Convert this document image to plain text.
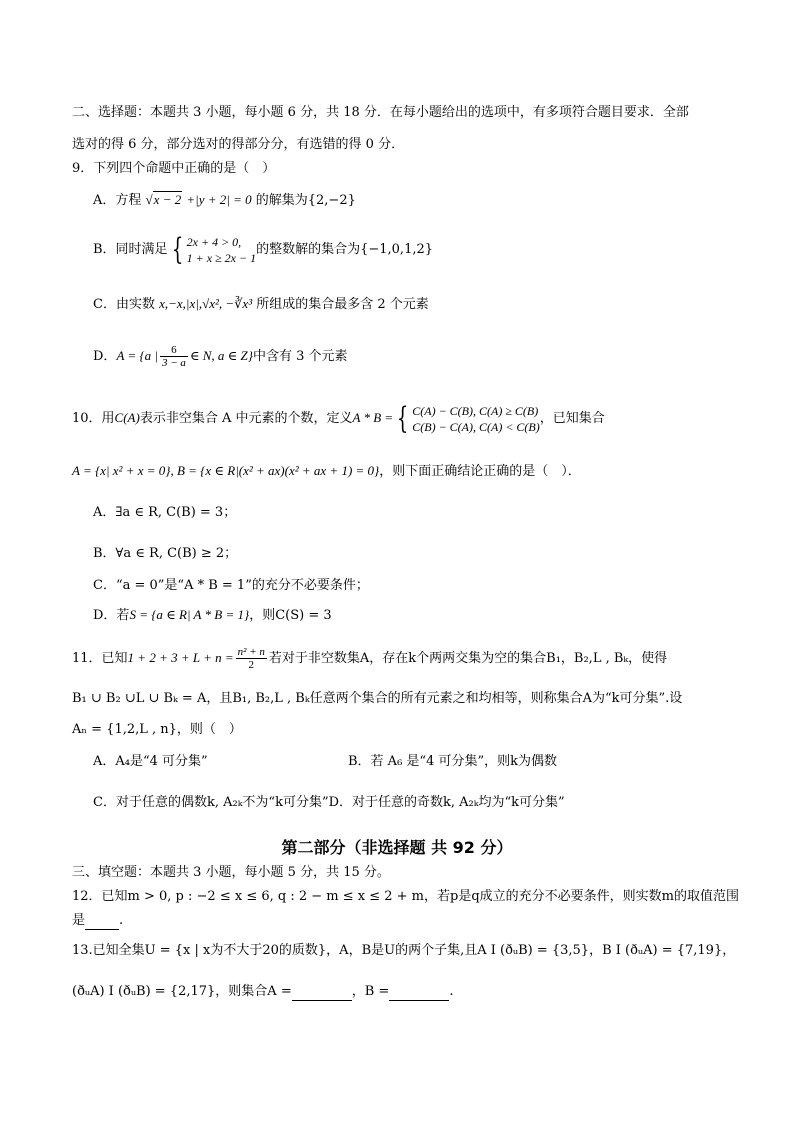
二、选择题：本题共 3 小题，每小题 6 分，共 18 分．在每小题给出的选项中，有多项符合题目要求．全部
选对的得 6 分，部分选对的得部分分，有选错的得 0 分．
9．下列四个命题中正确的是（　）
A．方程 √x − 2 +|y + 2| = 0 的解集为{2,−2}
B．同时满足 { 2x + 4 > 0,
1 + x ≥ 2x − 1
的整数解的集合为{−1,0,1,2}
C．由实数 x,−x,|x|,√x², −∛x³ 所组成的集合最多含 2 个元素
D．A = {a | $\frac{6}{3 - a}$ ∈ N, a ∈ Z}中含有 3 个元素
10．用C(A)表示非空集合 A 中元素的个数，定义A * B = { C(A) − C(B), C(A) ≥ C(B)
C(B) − C(A), C(A) < C(B)
，已知集合
A = {x| x² + x = 0}, B = {x ∈ R|(x² + ax)(x² + ax + 1) = 0}，则下面正确结论正确的是（　）．
A．∃a ∈ R, C(B) = 3；
B．∀a ∈ R, C(B) ≥ 2；
C．“a = 0”是“A * B = 1”的充分不必要条件；
D．若S = {a ∈ R| A * B = 1}，则C(S) = 3
11．已知$1 + 2 + 3 + L + n = \frac{\text{n² + n}}{2}$ 若对于非空数集A，存在k个两两交集为空的集合B₁，B₂,L , Bₖ，使得
B₁ ∪ B₂ ∪L ∪ Bₖ = A，且B₁, B₂,L , Bₖ任意两个集合的所有元素之和均相等，则称集合A为“k可分集”.设
Aₙ = {1,2,L , n}，则（　）
A．A₄是“4 可分集”	B．若 A₆ 是“4 可分集”，则k为偶数
C．对于任意的偶数k, A₂ₖ不为“k可分集”D．对于任意的奇数k, A₂ₖ均为“k可分集”
第二部分（非选择题 共 92 分）
三、填空题：本题共 3 小题，每小题 5 分，共 15 分。
12．已知m > 0, p : −2 ≤ x ≤ 6, q : 2 − m ≤ x ≤ 2 + m，若p是q成立的充分不必要条件，则实数m的取值范围
是	.
13.已知全集U = {x | x为不大于20的质数}，A，B是U的两个子集,且A I (ðᵤB) = {3,5}，B I (ðᵤA) = {7,19}，
(ðᵤA) I (ðᵤB) = {2,17}，则集合A =	，B =	.
